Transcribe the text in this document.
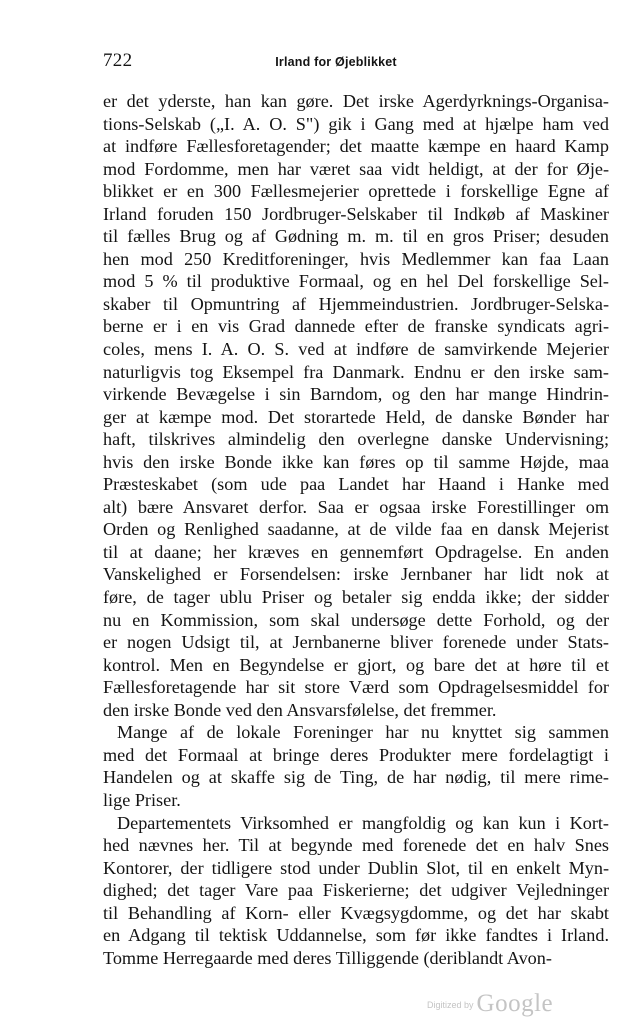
722	Irland for Øjeblikket
er det yderste, han kan gøre. Det irske Agerdyrknings-Organisa-
tions-Selskab („I. A. O. S") gik i Gang med at hjælpe ham ved
at indføre Fællesforetagender; det maatte kæmpe en haard Kamp
mod Fordomme, men har været saa vidt heldigt, at der for Øje-
blikket er en 300 Fællesmejerier oprettede i forskellige Egne af
Irland foruden 150 Jordbruger-Selskaber til Indkøb af Maskiner
til fælles Brug og af Gødning m. m. til en gros Priser; desuden
hen mod 250 Kreditforeninger, hvis Medlemmer kan faa Laan
mod 5 % til produktive Formaal, og en hel Del forskellige Sel-
skaber til Opmuntring af Hjemmeindustrien. Jordbruger-Selska-
berne er i en vis Grad dannede efter de franske syndicats agri-
coles, mens I. A. O. S. ved at indføre de samvirkende Mejerier
naturligvis tog Eksempel fra Danmark. Endnu er den irske sam-
virkende Bevægelse i sin Barndom, og den har mange Hindrin-
ger at kæmpe mod. Det storartede Held, de danske Bønder har
haft, tilskrives almindelig den overlegne danske Undervisning;
hvis den irske Bonde ikke kan føres op til samme Højde, maa
Præsteskabet (som ude paa Landet har Haand i Hanke med
alt) bære Ansvaret derfor. Saa er ogsaa irske Forestillinger om
Orden og Renlighed saadanne, at de vilde faa en dansk Mejerist
til at daane; her kræves en gennemført Opdragelse. En anden
Vanskelighed er Forsendelsen: irske Jernbaner har lidt nok at
føre, de tager ublu Priser og betaler sig endda ikke; der sidder
nu en Kommission, som skal undersøge dette Forhold, og der
er nogen Udsigt til, at Jernbanerne bliver forenede under Stats-
kontrol. Men en Begyndelse er gjort, og bare det at høre til et
Fællesforetagende har sit store Værd som Opdragelsesmiddel for
den irske Bonde ved den Ansvarsfølelse, det fremmer.
Mange af de lokale Foreninger har nu knyttet sig sammen
med det Formaal at bringe deres Produkter mere fordelagtigt i
Handelen og at skaffe sig de Ting, de har nødig, til mere rime-
lige Priser.
Departementets Virksomhed er mangfoldig og kan kun i Kort-
hed nævnes her. Til at begynde med forenede det en halv Snes
Kontorer, der tidligere stod under Dublin Slot, til en enkelt Myn-
dighed; det tager Vare paa Fiskerierne; det udgiver Vejledninger
til Behandling af Korn- eller Kvægsygdomme, og det har skabt
en Adgang til tektisk Uddannelse, som før ikke fandtes i Irland.
Tomme Herregaarde med deres Tilliggende (deriblandt Avon-
Digitized by Google
